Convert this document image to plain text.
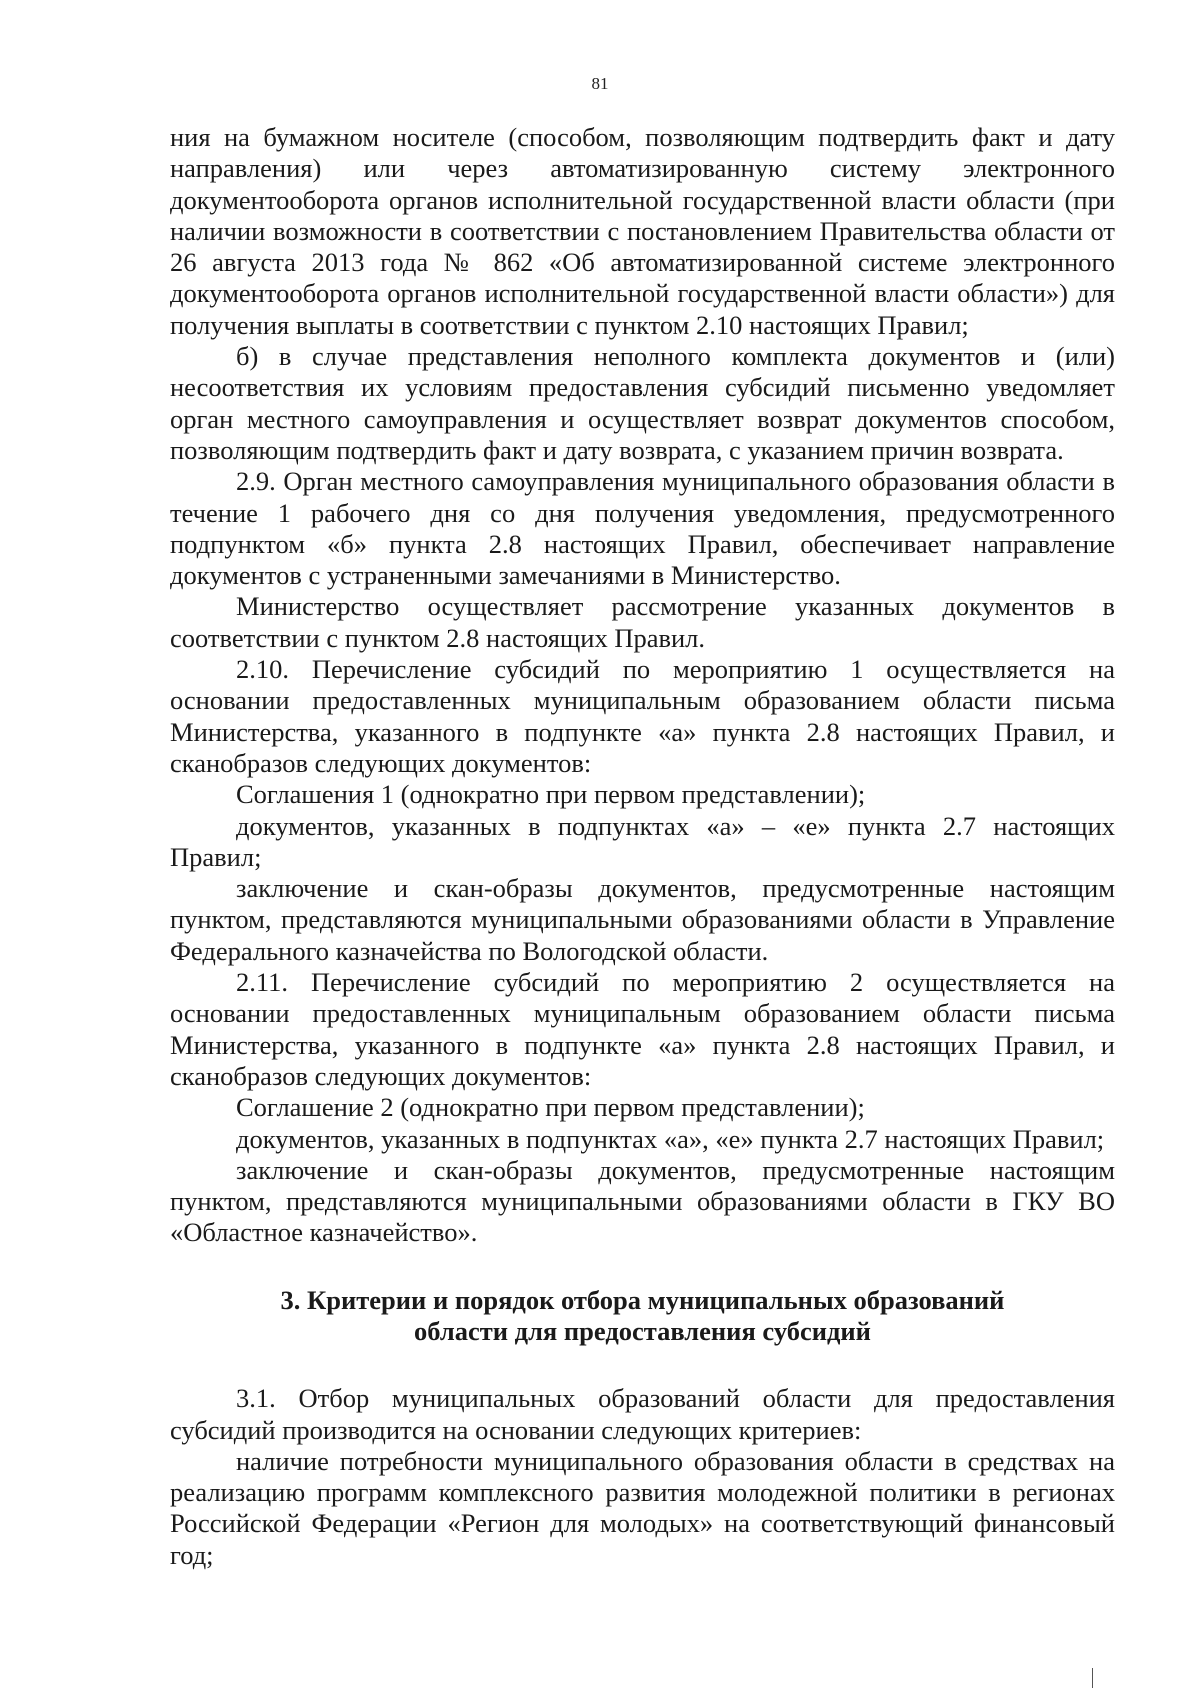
81

ния на бумажном носителе (способом, позволяющим подтвердить факт и дату направления) или через автоматизированную систему электронного документооборота органов исполнительной государственной власти области (при наличии возможности в соответствии с постановлением Правительства области от 26 августа 2013 года № 862 «Об автоматизированной системе электронного документооборота органов исполнительной государственной власти области») для получения выплаты в соответствии с пунктом 2.10 настоящих Правил;

б) в случае представления неполного комплекта документов и (или) несоответствия их условиям предоставления субсидий письменно уведомляет орган местного самоуправления и осуществляет возврат документов способом, позволяющим подтвердить факт и дату возврата, с указанием причин возврата.

2.9. Орган местного самоуправления муниципального образования области в течение 1 рабочего дня со дня получения уведомления, предусмотренного подпунктом «б» пункта 2.8 настоящих Правил, обеспечивает направление документов с устраненными замечаниями в Министерство.

Министерство осуществляет рассмотрение указанных документов в соответствии с пунктом 2.8 настоящих Правил.

2.10. Перечисление субсидий по мероприятию 1 осуществляется на основании предоставленных муниципальным образованием области письма Министерства, указанного в подпункте «а» пункта 2.8 настоящих Правил, и сканобразов следующих документов:

Соглашения 1 (однократно при первом представлении);

документов, указанных в подпунктах «а» – «е» пункта 2.7 настоящих Правил;

заключение и скан-образы документов, предусмотренные настоящим пунктом, представляются муниципальными образованиями области в Управление Федерального казначейства по Вологодской области.

2.11. Перечисление субсидий по мероприятию 2 осуществляется на основании предоставленных муниципальным образованием области письма Министерства, указанного в подпункте «а» пункта 2.8 настоящих Правил, и сканобразов следующих документов:

Соглашение 2 (однократно при первом представлении);

документов, указанных в подпунктах «а», «е» пункта 2.7 настоящих Правил;

заключение и скан-образы документов, предусмотренные настоящим пунктом, представляются муниципальными образованиями области в ГКУ ВО «Областное казначейство».

3. Критерии и порядок отбора муниципальных образований
области для предоставления субсидий

3.1. Отбор муниципальных образований области для предоставления субсидий производится на основании следующих критериев:

наличие потребности муниципального образования области в средствах на реализацию программ комплексного развития молодежной политики в регионах Российской Федерации «Регион для молодых» на соответствующий финансовый год;
